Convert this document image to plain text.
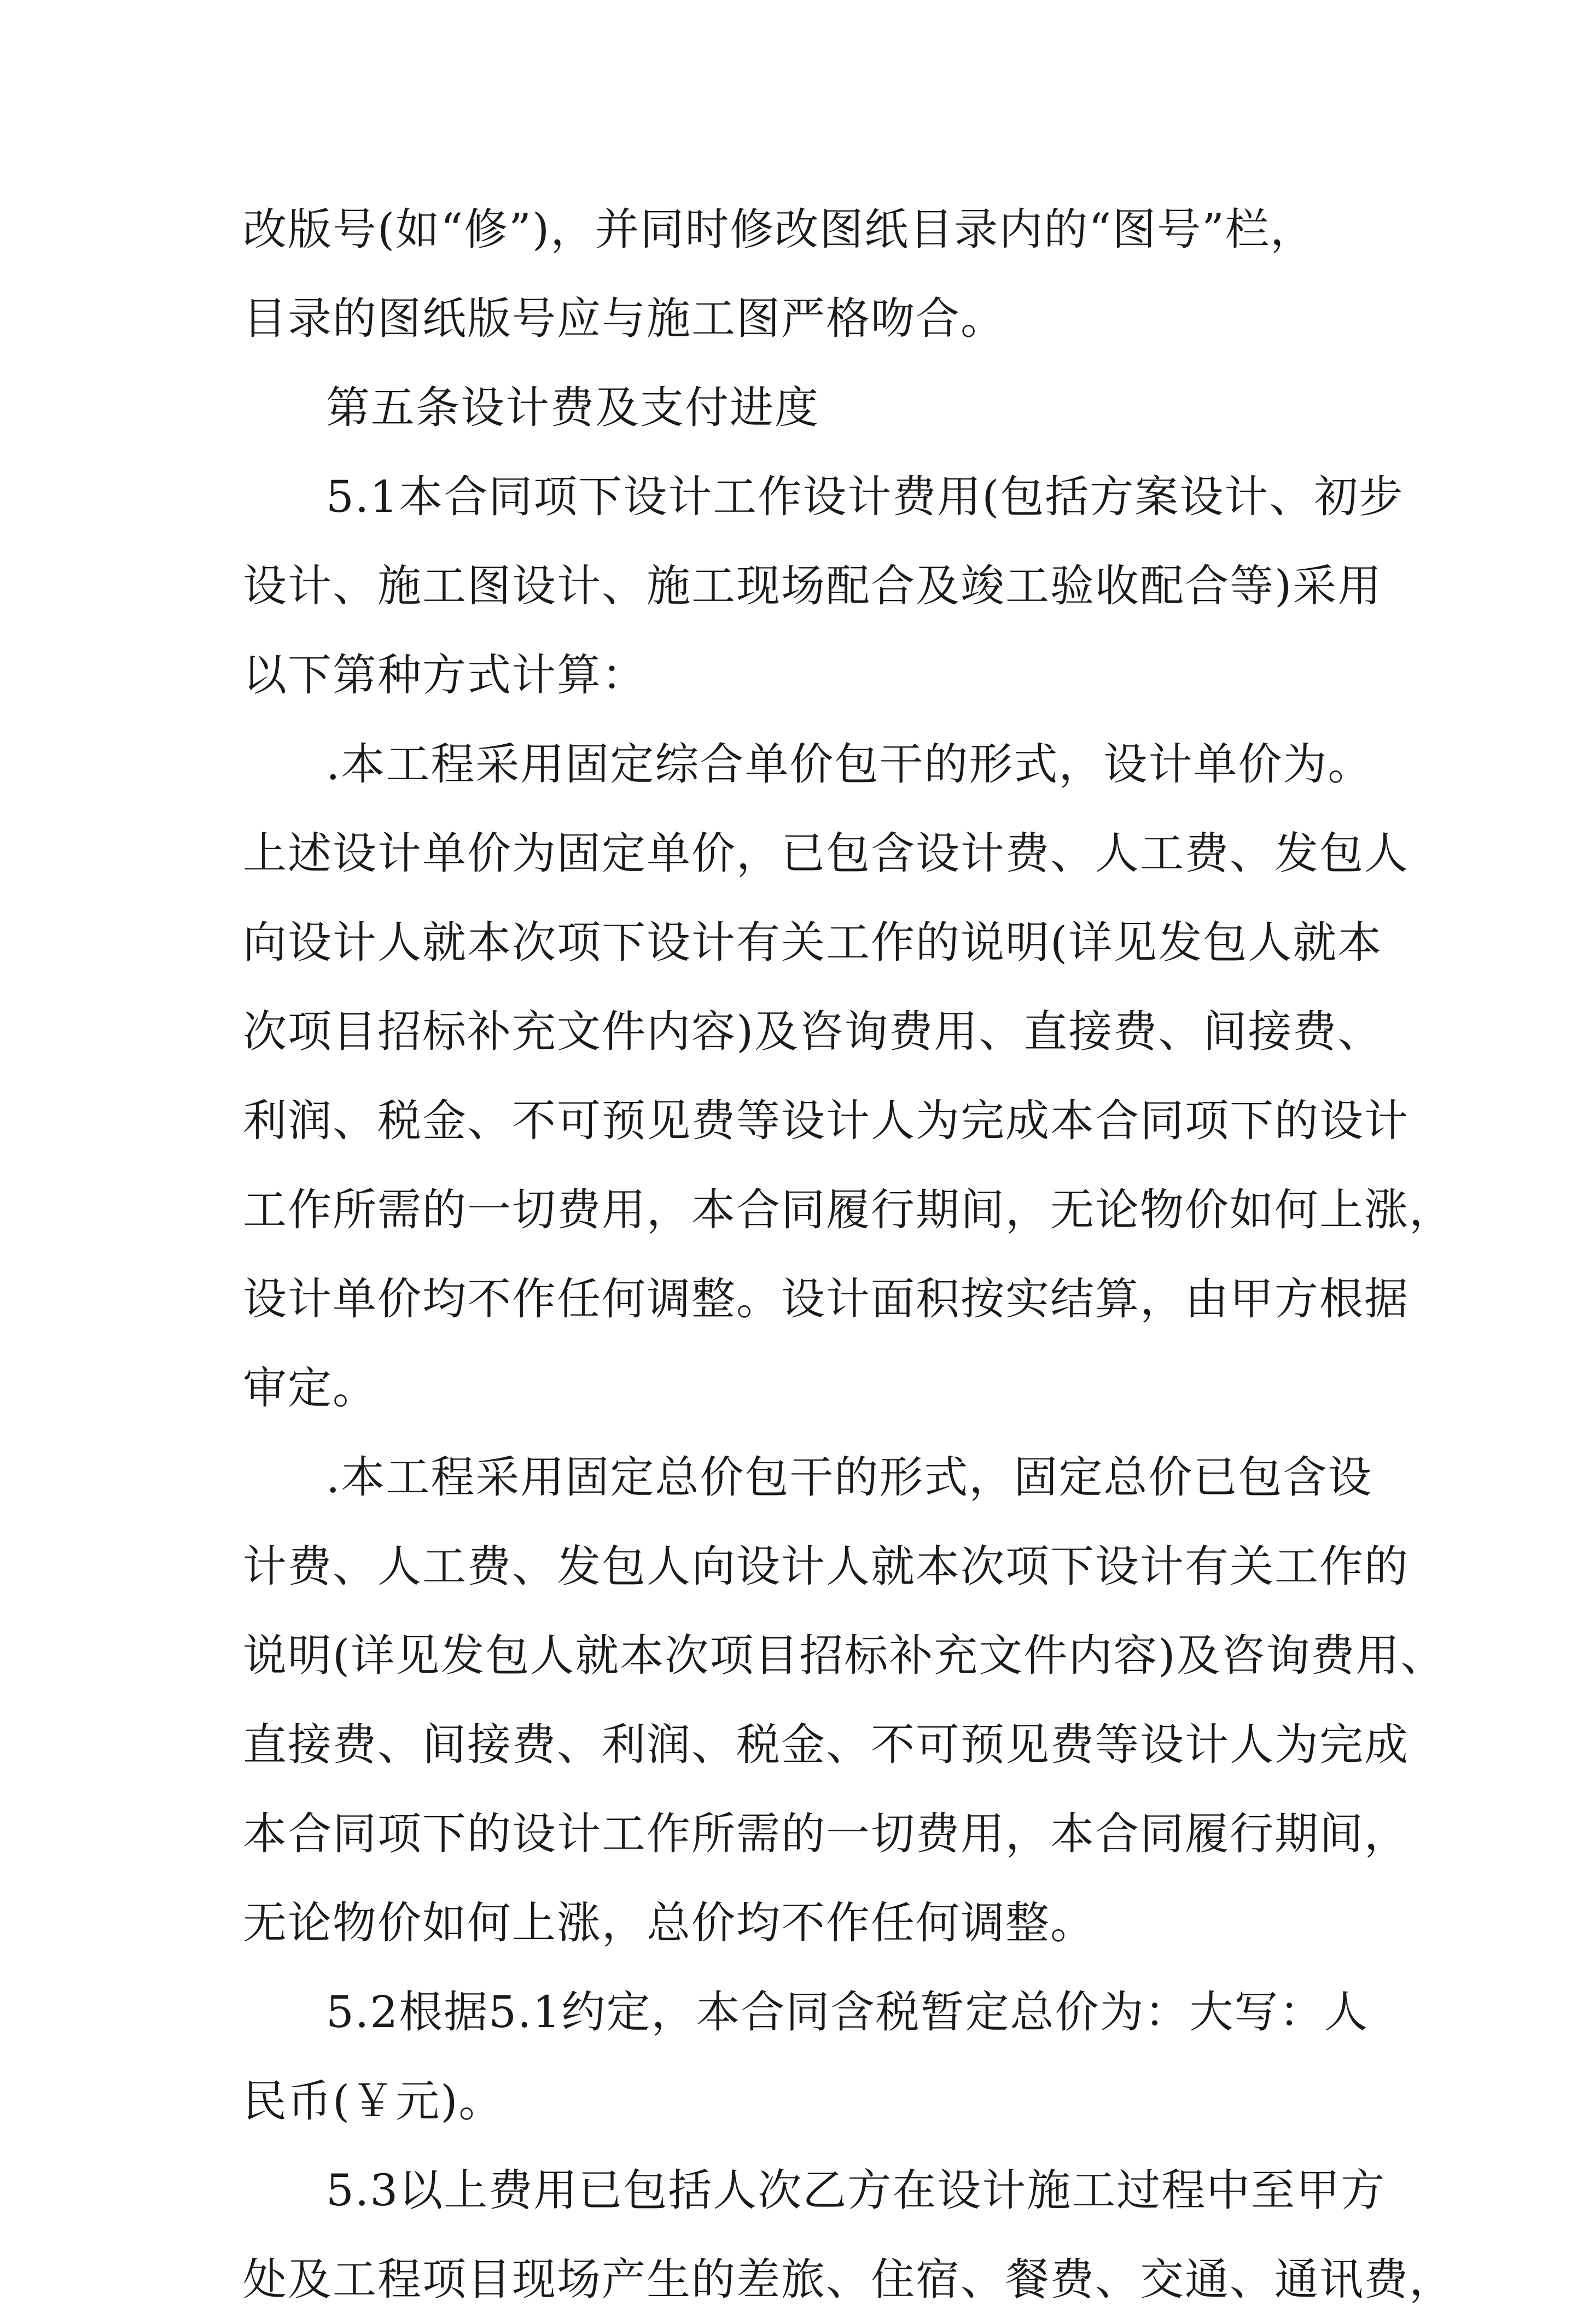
改版号(如“修”)，并同时修改图纸目录内的“图号”栏，
目录的图纸版号应与施工图严格吻合。
第五条设计费及支付进度
5.1本合同项下设计工作设计费用(包括方案设计、初步
设计、施工图设计、施工现场配合及竣工验收配合等)采用
以下第种方式计算：
.本工程采用固定综合单价包干的形式，设计单价为。
上述设计单价为固定单价，已包含设计费、人工费、发包人
向设计人就本次项下设计有关工作的说明(详见发包人就本
次项目招标补充文件内容)及咨询费用、直接费、间接费、
利润、税金、不可预见费等设计人为完成本合同项下的设计
工作所需的一切费用，本合同履行期间，无论物价如何上涨，
设计单价均不作任何调整。设计面积按实结算，由甲方根据
审定。
.本工程采用固定总价包干的形式，固定总价已包含设
计费、人工费、发包人向设计人就本次项下设计有关工作的
说明(详见发包人就本次项目招标补充文件内容)及咨询费用、
直接费、间接费、利润、税金、不可预见费等设计人为完成
本合同项下的设计工作所需的一切费用，本合同履行期间，
无论物价如何上涨，总价均不作任何调整。
5.2根据5.1约定，本合同含税暂定总价为：大写：人
民币(￥元)。
5.3以上费用已包括人次乙方在设计施工过程中至甲方
处及工程项目现场产生的差旅、住宿、餐费、交通、通讯费，
